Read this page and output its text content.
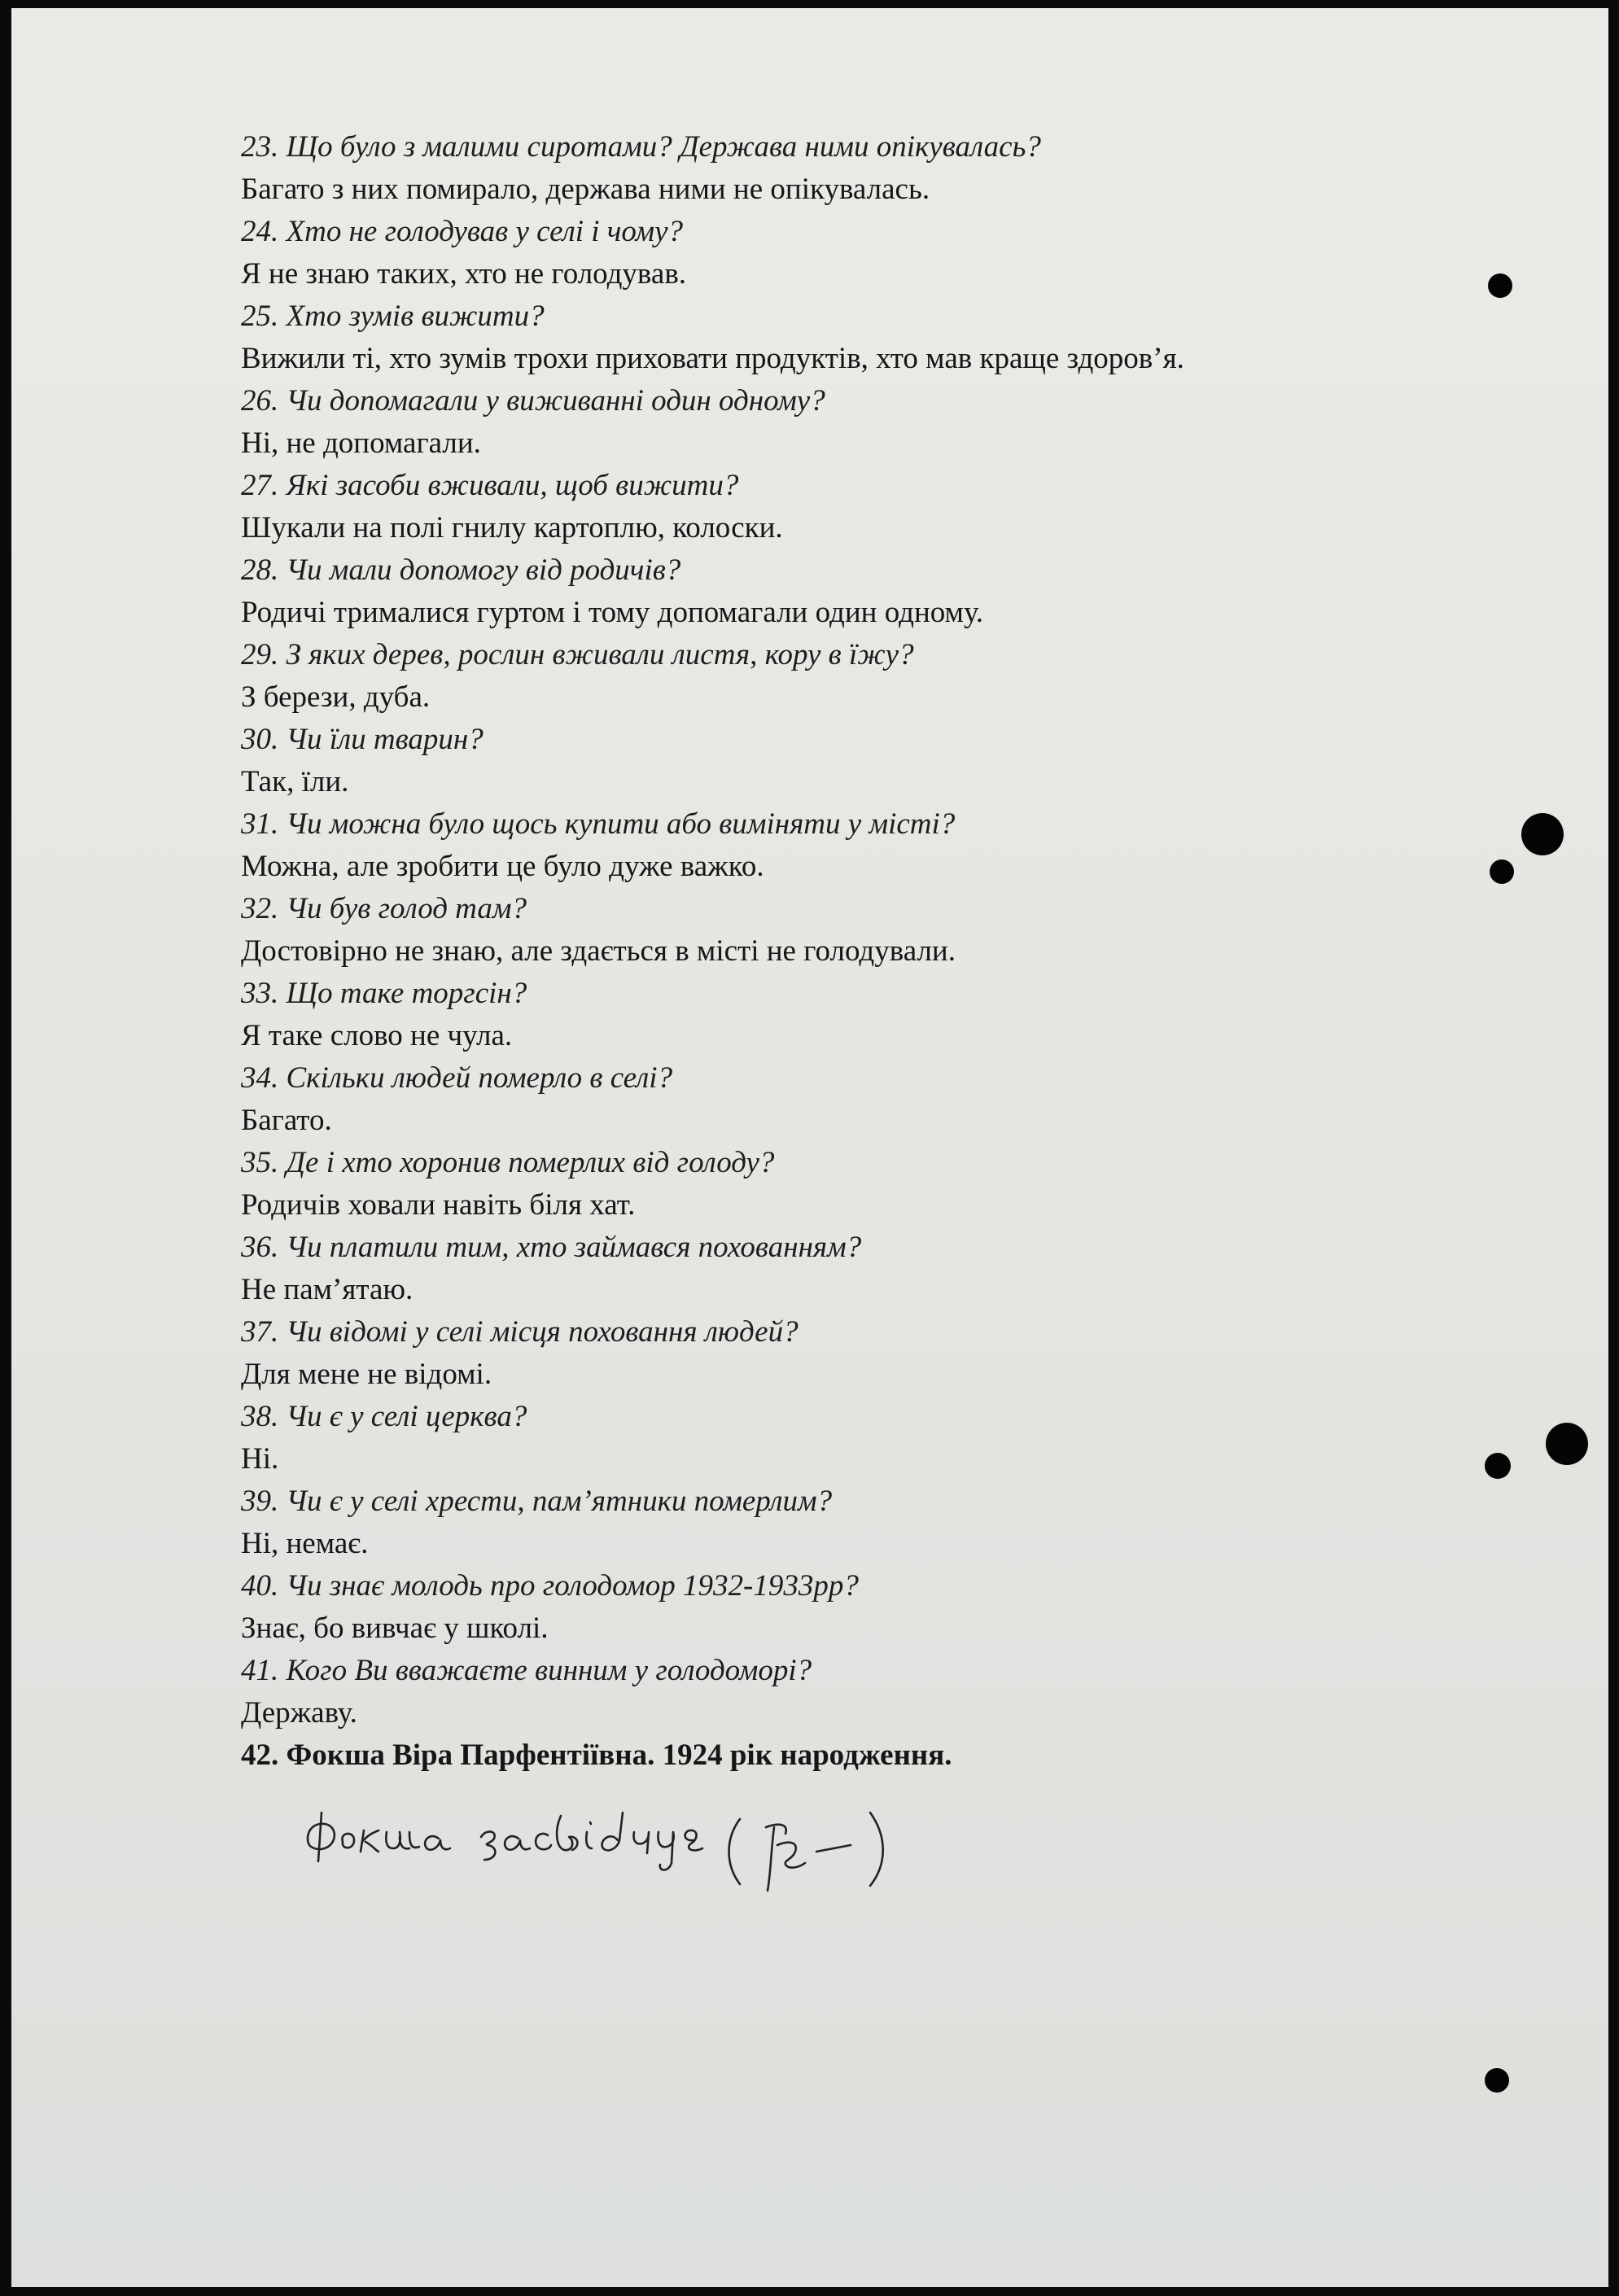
23. Що було з малими сиротами? Держава ними опікувалась?
Багато з них помирало, держава ними не опікувалась.
24. Хто не голодував у селі і чому?
Я не знаю таких, хто не голодував.
25. Хто зумів вижити?
Вижили ті, хто зумів трохи приховати продуктів, хто мав краще здоров’я.
26. Чи допомагали у виживанні один одному?
Ні, не допомагали.
27. Які засоби вживали, щоб вижити?
Шукали на полі гнилу картоплю, колоски.
28. Чи мали допомогу від родичів?
Родичі трималися гуртом і тому допомагали один одному.
29. З яких дерев, рослин вживали листя, кору в їжу?
З берези, дуба.
30. Чи їли тварин?
Так, їли.
31. Чи можна було щось купити або виміняти у місті?
Можна, але зробити це було дуже важко.
32. Чи був голод там?
Достовірно не знаю, але здається в місті не голодували.
33. Що таке торгсін?
Я таке слово не чула.
34. Скільки людей померло в селі?
Багато.
35. Де і хто хоронив померлих від голоду?
Родичів ховали навіть біля хат.
36. Чи платили тим, хто займався похованням?
Не пам’ятаю.
37. Чи відомі у селі місця поховання людей?
Для мене не відомі.
38. Чи є у селі церква?
Ні.
39. Чи є у селі хрести, пам’ятники померлим?
Ні, немає.
40. Чи знає молодь про голодомор 1932-1933рр?
Знає, бо вивчає у школі.
41. Кого Ви вважаєте винним у голодоморі?
Державу.
42. Фокша Віра Парфентіївна. 1924 рік народження.
